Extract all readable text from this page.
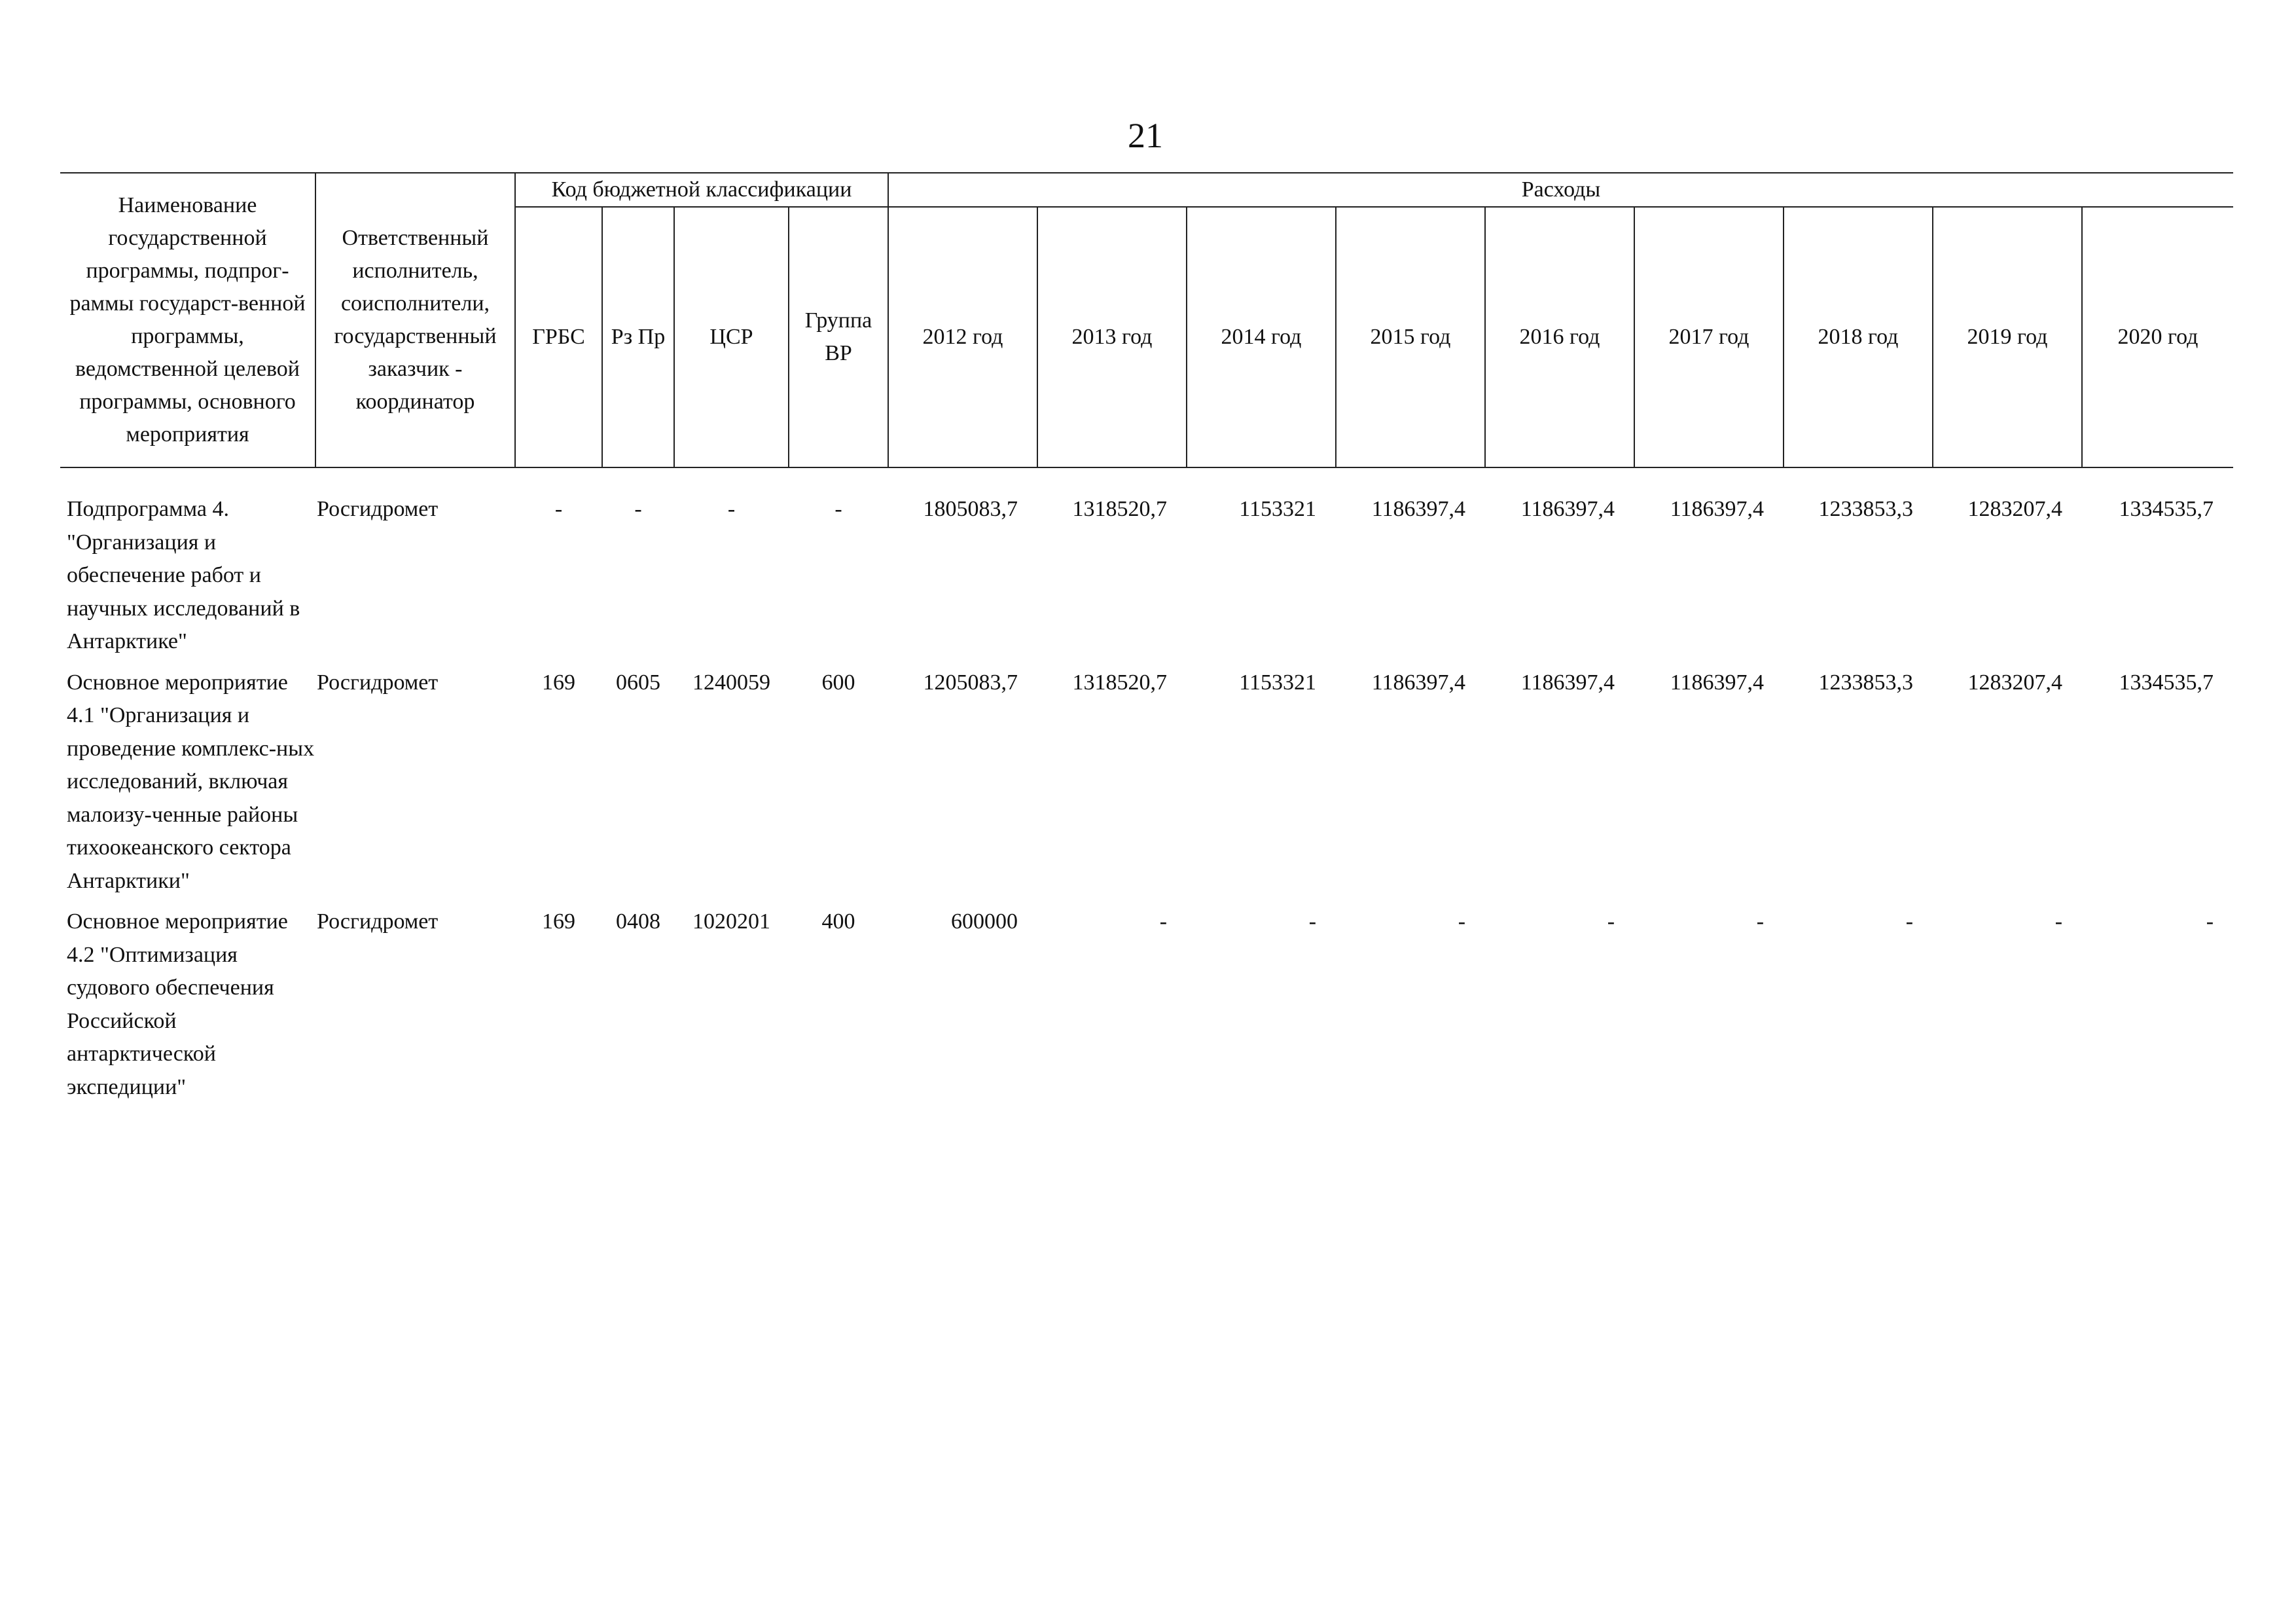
21
Наименование государственной программы, подпрог-раммы государст-венной программы, ведомственной целевой программы, основного мероприятия	Ответственный исполнитель, соисполнители, государственный заказчик - координатор	Код бюджетной классификации				Расходы								
		ГРБС	Рз Пр	ЦСР	Группа ВР	2012 год	2013 год	2014 год	2015 год	2016 год	2017 год	2018 год	2019 год	2020 год

Подпрограмма 4. "Организация и обеспечение работ и научных исследований в Антарктике"	Росгидромет	-	-	-	-	1805083,7	1318520,7	1153321	1186397,4	1186397,4	1186397,4	1233853,3	1283207,4	1334535,7
Основное мероприятие 4.1 "Организация и проведение комплекс-ных исследований, включая малоизу-ченные районы тихоокеанского сектора Антарктики"	Росгидромет	169	0605	1240059	600	1205083,7	1318520,7	1153321	1186397,4	1186397,4	1186397,4	1233853,3	1283207,4	1334535,7
Основное мероприятие 4.2 "Оптимизация судового обеспечения Российской антарктической экспедиции"	Росгидромет	169	0408	1020201	400	600000	-	-	-	-	-	-	-	-
